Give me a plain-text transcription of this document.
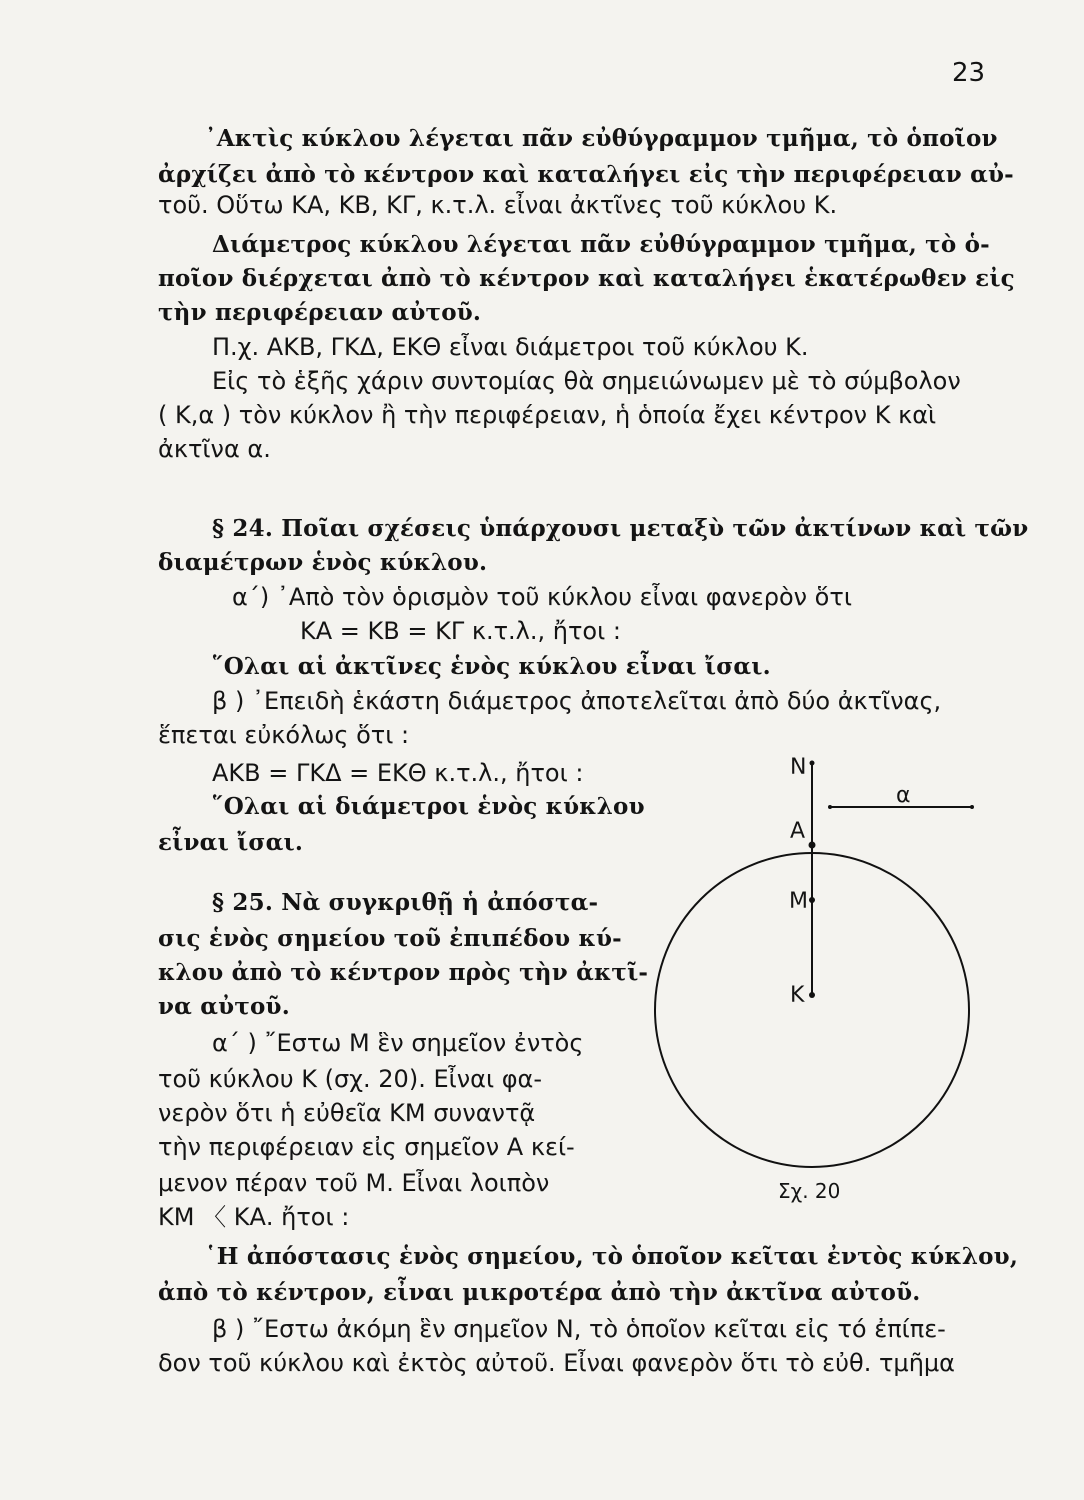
23
᾿Ακτὶς κύκλου λέγεται πᾶν εὐθύγραμμον τμῆμα, τὸ ὁποῖον
ἀρχίζει ἀπὸ τὸ κέντρον καὶ καταλήγει εἰς τὴν περιφέρειαν αὐ-
τοῦ. Οὕτω ΚΑ, ΚΒ, ΚΓ, κ.τ.λ. εἶναι ἀκτῖνες τοῦ κύκλου Κ.
Διάμετρος κύκλου λέγεται πᾶν εὐθύγραμμον τμῆμα, τὸ ὁ-
ποῖον διέρχεται ἀπὸ τὸ κέντρον καὶ καταλήγει ἑκατέρωθεν εἰς
τὴν περιφέρειαν αὐτοῦ.
Π.χ. ΑΚΒ, ΓΚΔ, ΕΚΘ εἶναι διάμετροι τοῦ κύκλου Κ.
Εἰς τὸ ἑξῆς χάριν συντομίας θὰ σημειώνωμεν μὲ τὸ σύμβολον
( Κ,α ) τὸν κύκλον ἢ τὴν περιφέρειαν, ἡ ὁποία ἔχει κέντρον Κ καὶ
ἀκτῖνα α.
§ 24. Ποῖαι σχέσεις ὑπάρχουσι μεταξὺ τῶν ἀκτίνων καὶ τῶν
διαμέτρων ἑνὸς κύκλου.
α΄) ᾿Απὸ τὸν ὁρισμὸν τοῦ κύκλου εἶναι φανερὸν ὅτι
ΚΑ = ΚΒ = ΚΓ κ.τ.λ., ἤτοι :
῞Ολαι αἱ ἀκτῖνες ἑνὸς κύκλου εἶναι ἴσαι.
β ) ᾿Επειδὴ ἑκάστη διάμετρος ἀποτελεῖται ἀπὸ δύο ἀκτῖνας,
ἕπεται εὐκόλως ὅτι :
ΑΚΒ = ΓΚΔ = ΕΚΘ κ.τ.λ., ἤτοι :
῞Ολαι αἱ διάμετροι ἑνὸς κύκλου
εἶναι ἴσαι.
§ 25. Νὰ συγκριθῇ ἡ ἀπόστα-
σις ἑνὸς σημείου τοῦ ἐπιπέδου κύ-
κλου ἀπὸ τὸ κέντρον πρὸς τὴν ἀκτῖ-
να αὐτοῦ.
α΄ ) ῎Εστω Μ ἓν σημεῖον ἐντὸς
τοῦ κύκλου Κ (σχ. 20). Εἶναι φα-
νερὸν ὅτι ἡ εὐθεῖα ΚΜ συναντᾷ
τὴν περιφέρειαν εἰς σημεῖον Α κεί-
μενον πέραν τοῦ Μ. Εἶναι λοιπὸν
ΚΜ 〈 ΚΑ. ἤτοι :
῾Η ἀπόστασις ἑνὸς σημείου, τὸ ὁποῖον κεῖται ἐντὸς κύκλου,
ἀπὸ τὸ κέντρον, εἶναι μικροτέρα ἀπὸ τὴν ἀκτῖνα αὐτοῦ.
β ) ῎Εστω ἀκόμη ἓν σημεῖον Ν, τὸ ὁποῖον κεῖται εἰς τό ἐπίπε-
δον τοῦ κύκλου καὶ ἐκτὸς αὐτοῦ. Εἶναι φανερὸν ὅτι τὸ εὐθ. τμῆμα
Ν
α
Α
Μ
Κ
Σχ. 20
